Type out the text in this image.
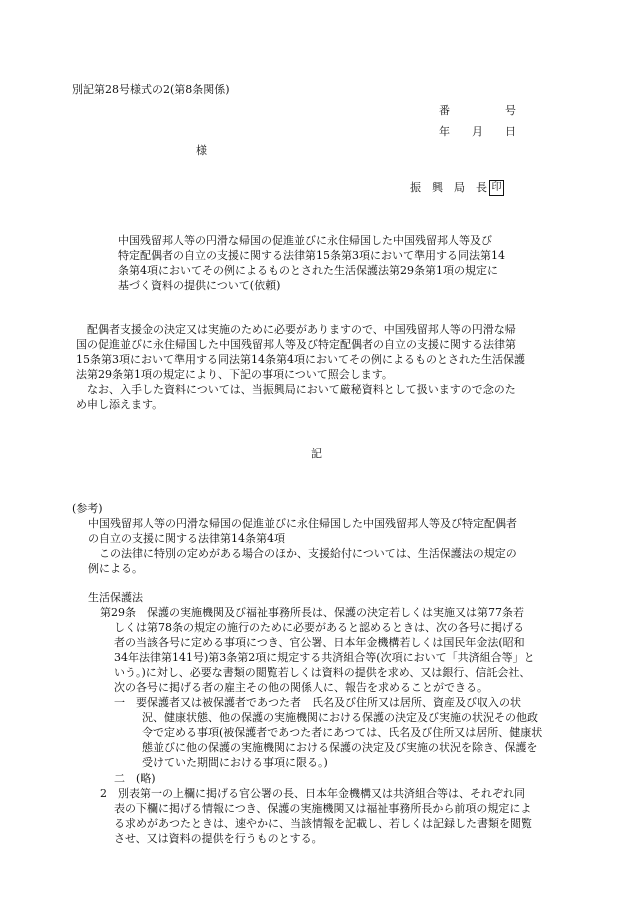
別記第28号様式の2(第8条関係)
番　　　　　号
年　　月　　日
様
振　興　局　長 印
中国残留邦人等の円滑な帰国の促進並びに永住帰国した中国残留邦人等及び
特定配偶者の自立の支援に関する法律第15条第3項において準用する同法第14
条第4項においてその例によるものとされた生活保護法第29条第1項の規定に
基づく資料の提供について(依頼)
　配偶者支援金の決定又は実施のために必要がありますので、中国残留邦人等の円滑な帰
国の促進並びに永住帰国した中国残留邦人等及び特定配偶者の自立の支援に関する法律第
15条第3項において準用する同法第14条第4項においてその例によるものとされた生活保護
法第29条第1項の規定により、下記の事項について照会します。
　なお、入手した資料については、当振興局において厳秘資料として扱いますので念のた
め申し添えます。
記
(参考)
中国残留邦人等の円滑な帰国の促進並びに永住帰国した中国残留邦人等及び特定配偶者
の自立の支援に関する法律第14条第4項
　この法律に特別の定めがある場合のほか、支援給付については、生活保護法の規定の
例による。
生活保護法
第29条　保護の実施機関及び福祉事務所長は、保護の決定若しくは実施又は第77条若
しくは第78条の規定の施行のために必要があると認めるときは、次の各号に掲げる
者の当該各号に定める事項につき、官公署、日本年金機構若しくは国民年金法(昭和
34年法律第141号)第3条第2項に規定する共済組合等(次項において「共済組合等」と
いう。)に対し、必要な書類の閲覧若しくは資料の提供を求め、又は銀行、信託会社、
次の各号に掲げる者の雇主その他の関係人に、報告を求めることができる。
一　要保護者又は被保護者であつた者　氏名及び住所又は居所、資産及び収入の状
況、健康状態、他の保護の実施機関における保護の決定及び実施の状況その他政
令で定める事項(被保護者であつた者にあつては、氏名及び住所又は居所、健康状
態並びに他の保護の実施機関における保護の決定及び実施の状況を除き、保護を
受けていた期間における事項に限る。)
二　(略)
2　別表第一の上欄に掲げる官公署の長、日本年金機構又は共済組合等は、それぞれ同
表の下欄に掲げる情報につき、保護の実施機関又は福祉事務所長から前項の規定によ
る求めがあつたときは、速やかに、当該情報を記載し、若しくは記録した書類を閲覧
させ、又は資料の提供を行うものとする。
